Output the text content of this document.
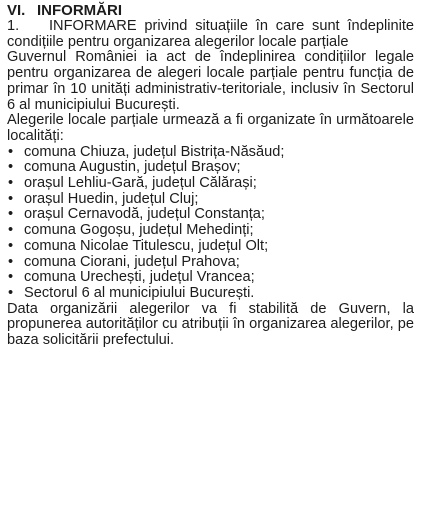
VI. INFORMĂRI
1. INFORMARE privind situațiile în care sunt îndeplinite condițiile pentru organizarea alegerilor locale parțiale
Guvernul României ia act de îndeplinirea condițiilor legale pentru organizarea de alegeri locale parțiale pentru funcția de primar în 10 unități administrativ-teritoriale, inclusiv în Sectorul 6 al municipiului București.
Alegerile locale parțiale urmează a fi organizate în următoarele localități:
• comuna Chiuza, județul Bistrița-Năsăud;
• comuna Augustin, județul Brașov;
• orașul Lehliu-Gară, județul Călărași;
• orașul Huedin, județul Cluj;
• orașul Cernavodă, județul Constanța;
• comuna Gogoșu, județul Mehedinți;
• comuna Nicolae Titulescu, județul Olt;
• comuna Ciorani, județul Prahova;
• comuna Urechești, județul Vrancea;
• Sectorul 6 al municipiului București.
Data organizării alegerilor va fi stabilită de Guvern, la propunerea autorităților cu atribuții în organizarea alegerilor, pe baza solicitării prefectului.
